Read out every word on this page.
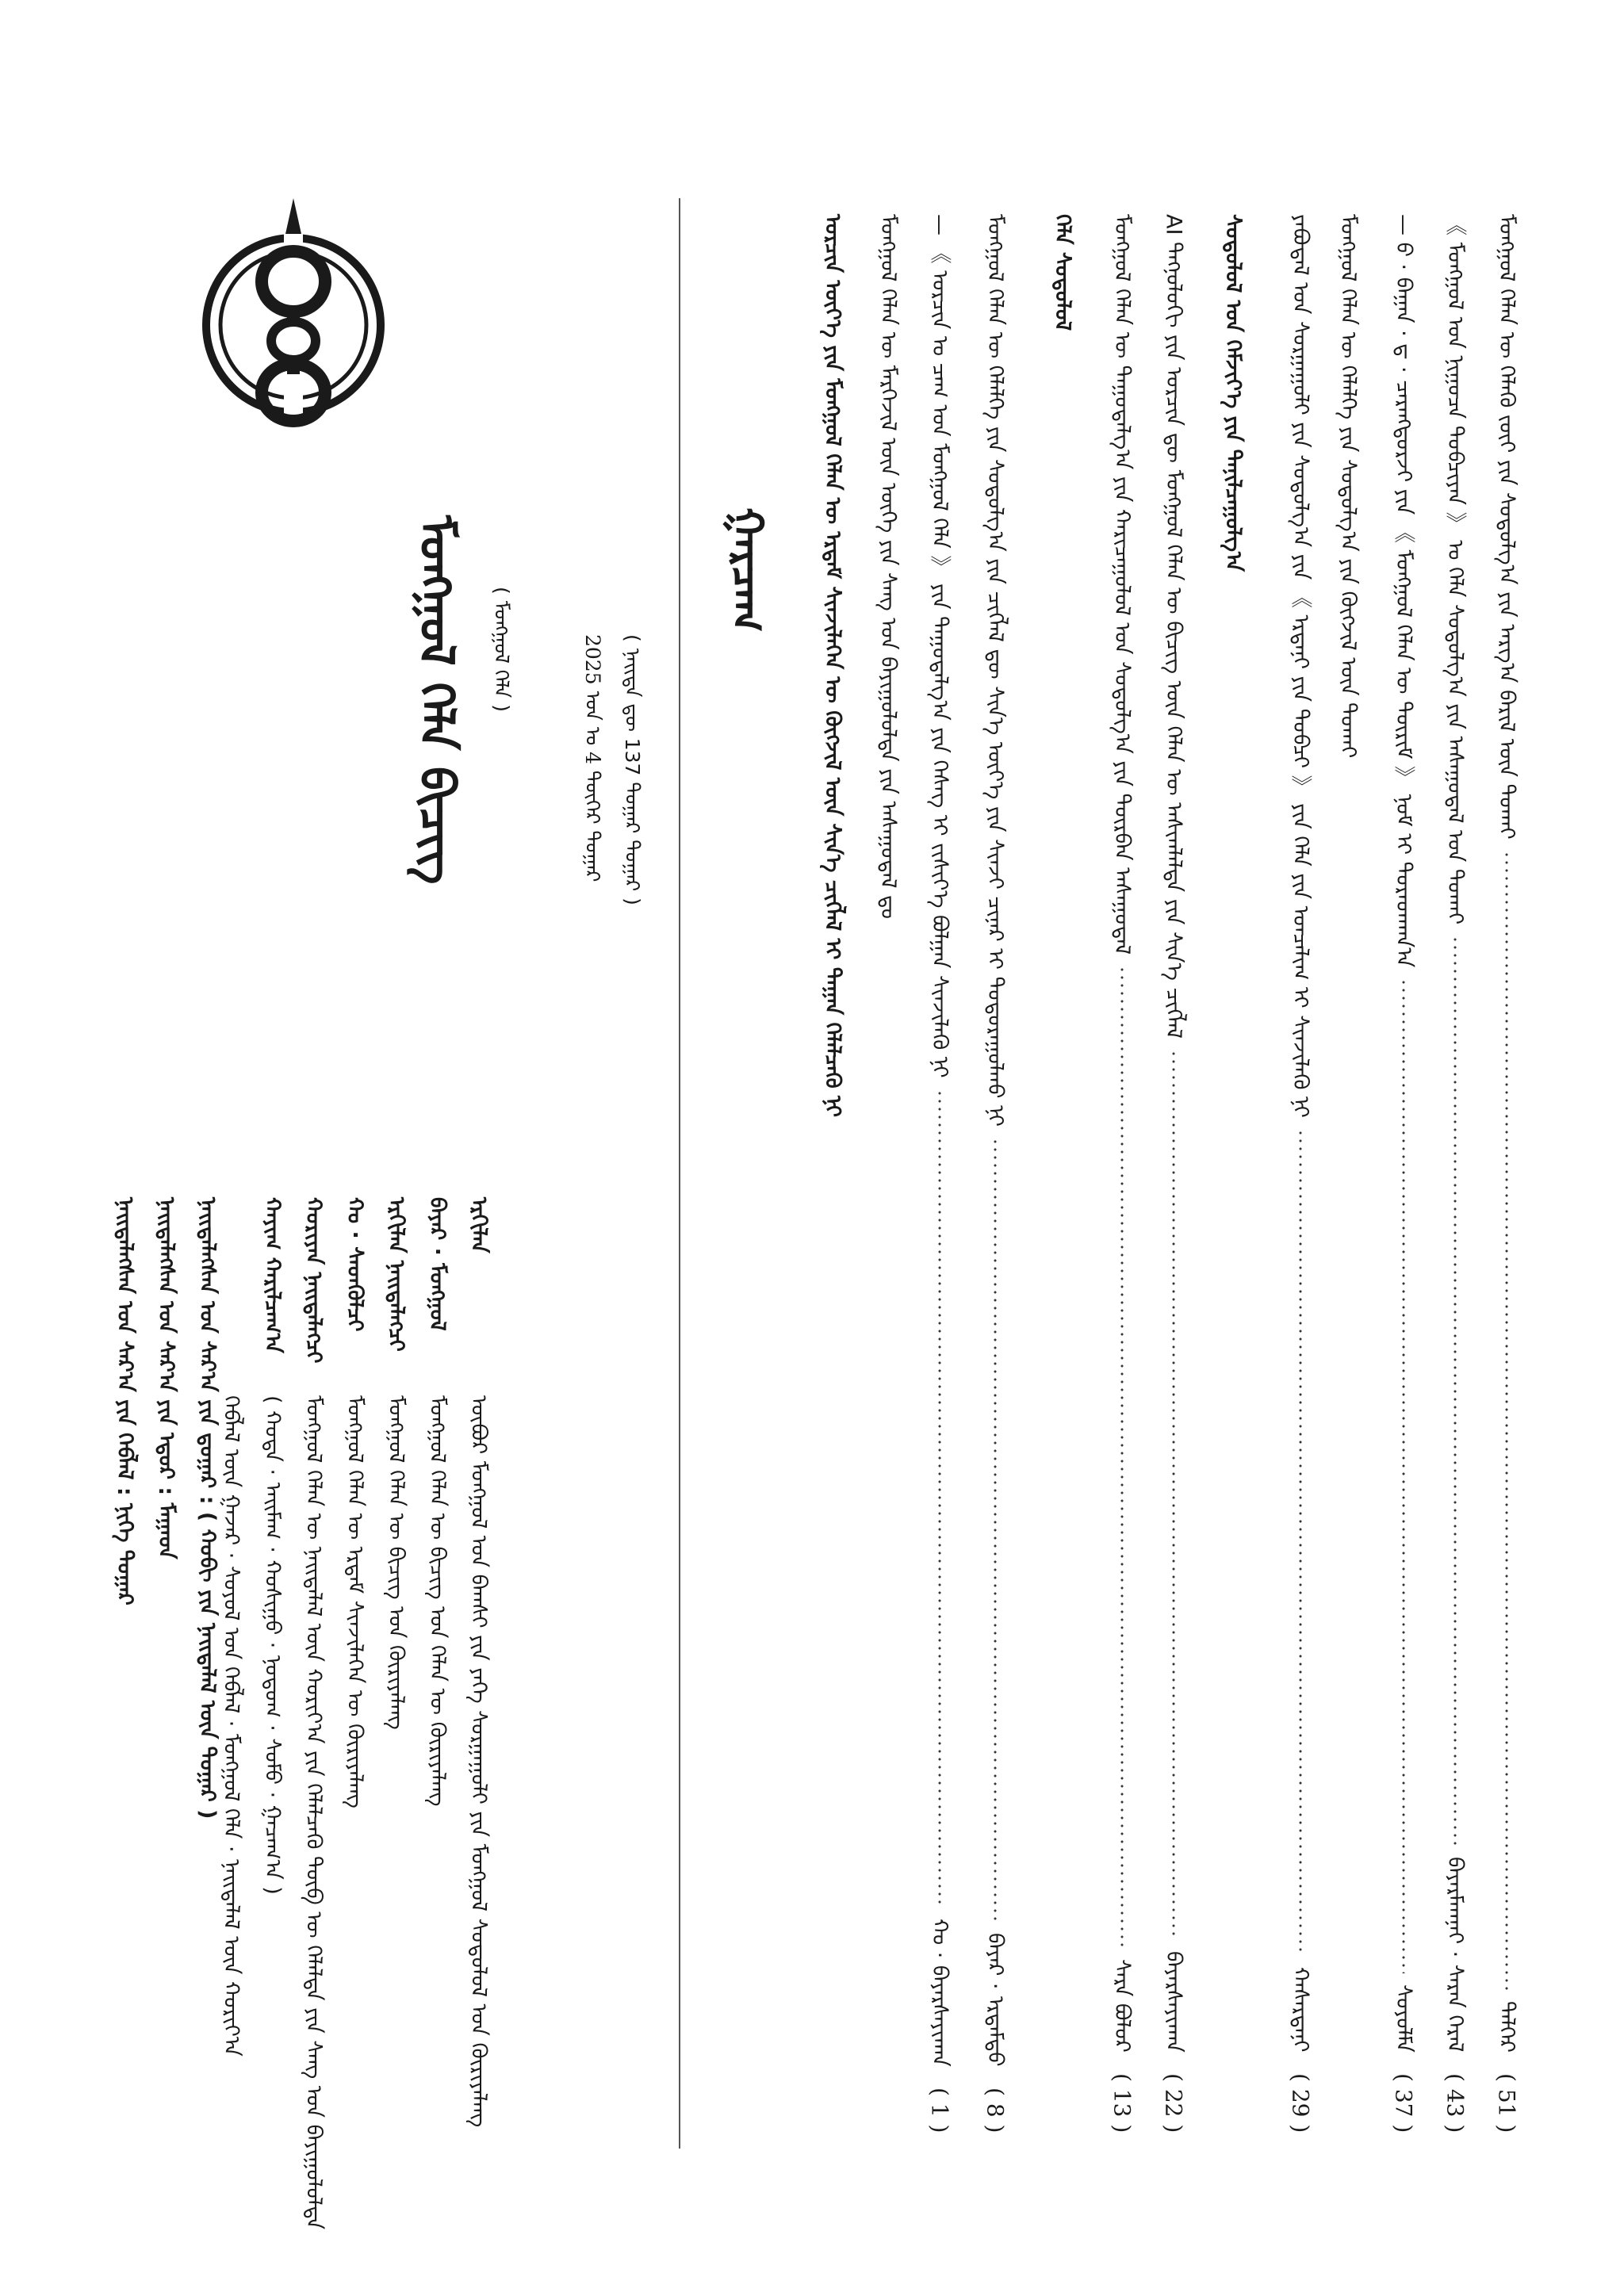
ᠮᠣᠩᠭᠣᠯ ᠬᠡᠯᠡᠨ ᠦ ᠬᠡᠯᠡᠬᠦ ᠵᠦᠢ ᠶᠢᠨ ᠰᠤᠳᠤᠯᠭ᠎ᠠ ᠶᠢᠨ ᠠᠷᠭ᠎ᠠ ᠪᠠᠷᠢᠯ ᠦᠨ ᠲᠤᠬᠠᠢ
ᠳᠡᠯᠭᠡᠷ
( 51 )
《 ᠮᠣᠩᠭᠣᠯ ᠤᠨ ᠨᠢᠭᠤᠴᠠ ᠲᠣᠪᠴᠢᠶᠠᠨ 》 ᠤ ᠬᠡᠯᠡ ᠰᠤᠳᠤᠯᠭ᠎ᠠ ᠶᠢᠨ ᠠᠰᠠᠭᠤᠳᠠᠯ ᠤᠨ ᠲᠤᠬᠠᠢ
ᠪᠠᠶᠠᠷᠮᠠᠭᠨᠠᠢ · ᠰᠠᠷᠠᠨ ᠭᠡᠷᠡᠯ
( 43 )
— ᠪ · ᠪᠠᠭᠠᠨ · ᠳ · ᠴᠡᠷᠡᠩᠳᠣᠷᠵᠢ ᠶᠢᠨ 《 ᠮᠣᠩᠭᠣᠯ ᠬᠡᠯᠡᠨ ᠦ ᠳᠦᠷᠢᠮ 》 ᠨᠣᠮ ᠢ ᠳᠤᠷᠠᠳᠬᠠᠨ᠎ᠠ
ᠰᠣᠶᠣᠯᠮᠠ
( 37 )
ᠮᠣᠩᠭᠣᠯ ᠬᠡᠯᠡᠨ ᠦ ᠬᠡᠯᠡᠯᠭᠡ ᠶᠢᠨ ᠰᠤᠳᠤᠯᠭ᠎ᠠ ᠶᠢᠨ ᠬᠥᠭᠵᠢᠯ ᠦᠨ ᠲᠤᠬᠠᠢ
ᠶᠠᠪᠤᠳᠠᠯ ᠤᠨ ᠰᠤᠷᠭᠠᠭᠤᠯᠢ ᠶᠢᠨ ᠰᠤᠳᠤᠯᠭ᠎ᠠ ᠶᠢᠨ 《 ᠡᠷᠳᠡᠨᠢ ᠶᠢᠨ ᠲᠣᠪᠴᠢ 》 ᠶᠢᠨ ᠬᠡᠯᠡ ᠶᠢᠨ ᠣᠨᠴᠠᠯᠢᠭ ᠢ ᠰᠢᠨᠵᠢᠯᠡᠬᠦ ᠨᠢ
ᠬᠠᠰᠡᠷᠳᠡᠨᠢ
( 29 )
ᠰᠤᠳᠤᠯᠤᠯ ᠤᠨ ᠬᠡᠮᠵᠢᠶ᠎ᠡ ᠶᠢᠨ ᠲᠠᠨᠢᠯᠴᠠᠭᠤᠯᠭ᠎ᠠ
AI ᠲᠡᠭᠨᠣᠯᠣᠭᠢ ᠶᠢᠨ ᠣᠷᠴᠢᠨ ᠳᠦ ᠮᠣᠩᠭᠣᠯ ᠬᠡᠯᠡᠨ ᠦ ᠪᠢᠴᠢᠭ ᠦᠨ ᠬᠡᠯᠡᠨ ᠦ ᠠᠰᠢᠭᠯᠠᠯᠲᠠ ᠶᠢᠨ ᠰᠢᠨ᠎ᠡ ᠴᠢᠭᠯᠡᠯ
ᠪᠠᠶᠠᠷᠰᠠᠶᠢᠬᠠᠨ
( 22 )
ᠮᠣᠩᠭᠣᠯ ᠬᠡᠯᠡᠨ ᠦ ᠳᠠᠭᠤᠳᠠᠯᠭ᠎ᠠ ᠶᠢᠨ ᠬᠠᠷᠢᠴᠠᠭᠤᠯᠤᠯ ᠤᠨ ᠰᠤᠳᠤᠯᠭ᠎ᠠ ᠶᠢᠨ ᠳᠥᠷᠪᠡᠨ ᠠᠰᠠᠭᠤᠳᠠᠯ
ᠰᠠᠷᠠ ᠪᠣᠯᠣᠷ
( 13 )
ᠬᠡᠯᠡ ᠰᠤᠳᠤᠯᠤᠯ
ᠮᠣᠩᠭᠣᠯ ᠬᠡᠯᠡᠨ ᠦ ᠬᠡᠯᠡᠯᠭᠡ ᠶᠢᠨ ᠰᠤᠳᠤᠯᠭ᠎ᠠ ᠶᠢᠨ ᠴᠢᠭᠯᠡᠯ ᠳᠦ ᠰᠢᠨ᠎ᠡ ᠦᠶ᠎ᠡ ᠶᠢᠨ ᠰᠢᠨᠵᠢ ᠴᠢᠨᠠᠷ ᠢ ᠲᠣᠳᠤᠷᠠᠭᠤᠯᠬᠤ ᠨᠢ
ᠪᠠᠶᠠᠷ · ᠡᠷᠳᠡᠮᠲᠦ
( 8 )
— 《 ᠣᠷᠴᠢᠨ ᠤ ᠴᠠᠭ ᠤᠨ ᠮᠣᠩᠭᠣᠯ ᠬᠡᠯᠡ 》 ᠶᠢᠨ ᠳᠠᠭᠤᠳᠠᠯᠭ᠎ᠠ ᠶᠢᠨ ᠬᠡᠰᠡᠭ ᠢ ᠵᠢᠱᠢᠶ᠎ᠡ ᠪᠣᠯᠭᠠᠨ ᠰᠢᠨᠵᠢᠯᠡᠬᠦ ᠨᠢ
ᠬᠤ · ᠪᠠᠶᠠᠷᠰᠠᠶᠢᠬᠠᠨ
( 1 )
ᠮᠣᠩᠭᠣᠯ ᠬᠡᠯᠡᠨ ᠦ ᠮᠡᠷᠭᠡᠵᠢᠯ ᠦᠨ ᠦᠭᠡ ᠶᠢᠨ ᠰᠠᠩ ᠤᠨ ᠪᠠᠶᠢᠭᠤᠯᠤᠯᠲᠠ ᠶᠢᠨ ᠠᠰᠠᠭᠤᠳᠠᠯ ᠳᠤ
ᠣᠷᠴᠢᠨ ᠦᠶ᠎ᠡ ᠶᠢᠨ ᠮᠣᠩᠭᠣᠯ ᠬᠡᠯᠡᠨ ᠦ ᠡᠷᠳᠡᠮ ᠰᠢᠨᠵᠢᠯᠡᠭᠡᠨ ᠦ ᠬᠥᠭᠵᠢᠯ ᠦᠨ ᠰᠢᠨ᠎ᠡ ᠴᠢᠭᠯᠡᠯ ᠢ ᠳᠠᠭᠠᠨ ᠬᠡᠯᠡᠯᠴᠡᠬᠦ ᠨᠢ
ᠭᠠᠷᠴᠠᠭ
ᠮᠣᠩᠭᠣᠯ ᠬᠡᠯᠡ ᠪᠢᠴᠢᠭ ( ᠮᠣᠩᠭᠣᠯ ᠬᠡᠯᠡ )	( ᠨᠡᠢᠲᠡ ᠳᠦ 137 ᠳᠤᠭᠠᠷ ᠳᠤᠭᠠᠷ )
2025 ᠣᠨ ᠤ 4 ᠳᠦᠭᠡᠷ ᠳᠤᠭᠠᠷ
ᠡᠷᠬᠢᠯᠡᠨ
ᠥᠪᠥᠷ ᠮᠣᠩᠭᠣᠯ ᠤᠨ ᠪᠠᠭᠰᠢ ᠶᠢᠨ ᠶᠡᠬᠡ ᠰᠤᠷᠭᠠᠭᠤᠯᠢ ᠶᠢᠨ ᠮᠣᠩᠭᠣᠯ ᠰᠤᠳᠤᠯᠤᠯ ᠤᠨ ᠬᠦᠷᠢᠶᠡᠯᠡᠩ
ᠪᠠᠶᠠᠷ · ᠮᠣᠩᠭᠣᠯ
ᠮᠣᠩᠭᠣᠯ ᠬᠡᠯᠡᠨ ᠦ ᠪᠢᠴᠢᠭ ᠤᠨ ᠬᠡᠯᠡᠨ ᠦ ᠬᠦᠷᠢᠶᠡᠯᠡᠩ
ᠡᠷᠬᠢᠯᠡᠨ ᠨᠡᠢᠲᠡᠯᠡᠭᠴᠢ
ᠮᠣᠩᠭᠣᠯ ᠬᠡᠯᠡᠨ ᠦ ᠪᠢᠴᠢᠭ ᠤᠨ ᠬᠦᠷᠢᠶᠡᠯᠡᠩ
ᠬᠤ · ᠰᠡᠳᠬᠦᠯᠴᠢ
ᠮᠣᠩᠭᠣᠯ ᠬᠡᠯᠡᠨ ᠦ ᠡᠷᠳᠡᠮ ᠰᠢᠨᠵᠢᠯᠡᠭᠡᠨ ᠦ ᠬᠦᠷᠢᠶᠡᠯᠡᠩ
ᠬᠣᠷᠢᠶᠠᠨ ᠨᠡᠢᠲᠡᠯᠡᠭᠴᠢ
ᠮᠣᠩᠭᠣᠯ ᠬᠡᠯᠡᠨ ᠦ ᠨᠡᠢᠲᠡᠯᠡᠯ ᠦᠨ ᠬᠣᠷᠢᠶ᠎ᠠ ᠶᠢᠨ ᠬᠡᠯᠡᠯᠴᠡᠬᠦ ᠲᠥᠪ ᠦ ᠬᠡᠯᠡᠯᠲᠡ ᠶᠢᠨ ᠰᠠᠩ ᠤᠨ ᠪᠠᠶᠢᠭᠤᠯᠤᠯᠲᠠ
ᠬᠠᠶᠢᠭ ᠬᠠᠷᠢᠯᠴᠠᠭ᠎ᠠ
( ᠬᠣᠲᠠ · ᠠᠢᠮᠠᠭ · ᠬᠣᠰᠢᠭᠤ · ᠨᠣᠲᠤᠭ · ᠰᠤᠮᠤ · ᠭᠠᠴᠠᠭ᠎ᠠ )
ᠬᠡᠪᠯᠡᠯ ᠦᠨ ᠭᠠᠵᠠᠷ · ᠰᠣᠶᠣᠯ ᠤᠨ ᠬᠡᠪᠯᠡᠯ · ᠮᠣᠩᠭᠣᠯ ᠬᠡᠯᠡ · ᠨᠡᠢᠲᠡᠯᠡᠯ ᠦᠨ ᠬᠣᠷᠢᠶ᠎ᠠ
ᠨᠡᠢᠲᠡᠯᠡᠭᠰᠡᠨ ᠣᠨ ᠰᠠᠷ᠎ᠠ ᠶᠢᠨ ᠳ᠋ᠤᠭᠠᠷ : ( ᠬᠤᠪᠢ ᠶᠢᠨ ᠨᠡᠢᠲᠡᠯᠡᠯ ᠦᠨ ᠳᠤᠭᠠᠷ )
ᠨᠡᠢᠲᠡᠯᠡᠭᠰᠡᠨ ᠣᠨ ᠰᠠᠷ᠎ᠠ ᠶᠢᠨ ᠡᠳᠦᠷ : ᠮᠠᠭᠠᠳ
ᠨᠡᠢᠲᠡᠯᠡᠭᠰᠡᠨ ᠣᠨ ᠰᠠᠷ᠎ᠠ ᠶᠢᠨ ᠬᠡᠪᠯᠡᠯ : ᠨᠢᠭᠡ ᠳᠤᠭᠠᠷ
